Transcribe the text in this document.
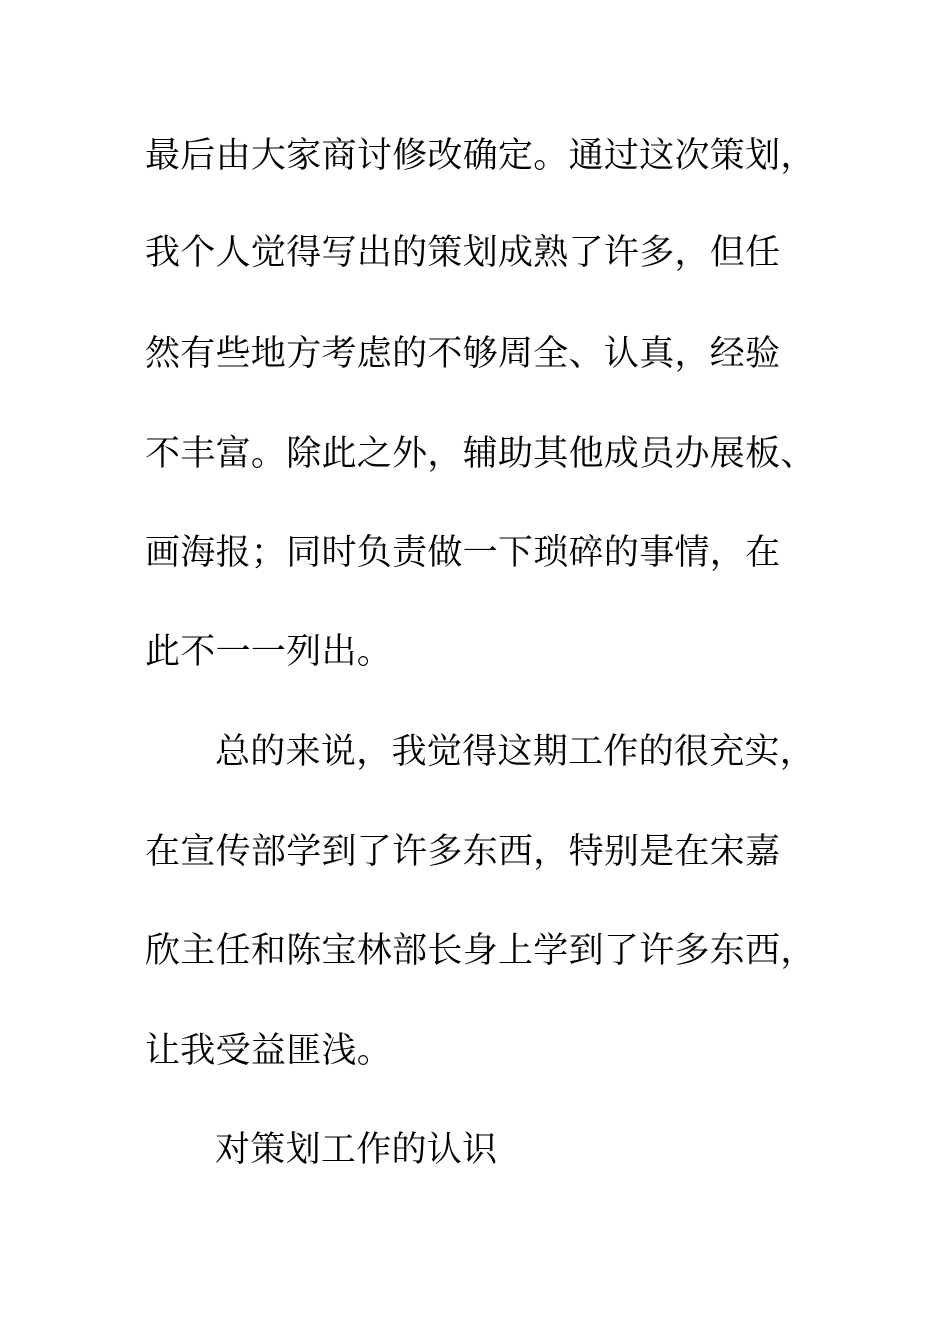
最后由大家商讨修改确定。通过这次策划，

我个人觉得写出的策划成熟了许多，但任

然有些地方考虑的不够周全、认真，经验

不丰富。除此之外，辅助其他成员办展板、

画海报；同时负责做一下琐碎的事情，在

此不一一列出。

总的来说，我觉得这期工作的很充实，

在宣传部学到了许多东西，特别是在宋嘉

欣主任和陈宝林部长身上学到了许多东西，

让我受益匪浅。

对策划工作的认识
